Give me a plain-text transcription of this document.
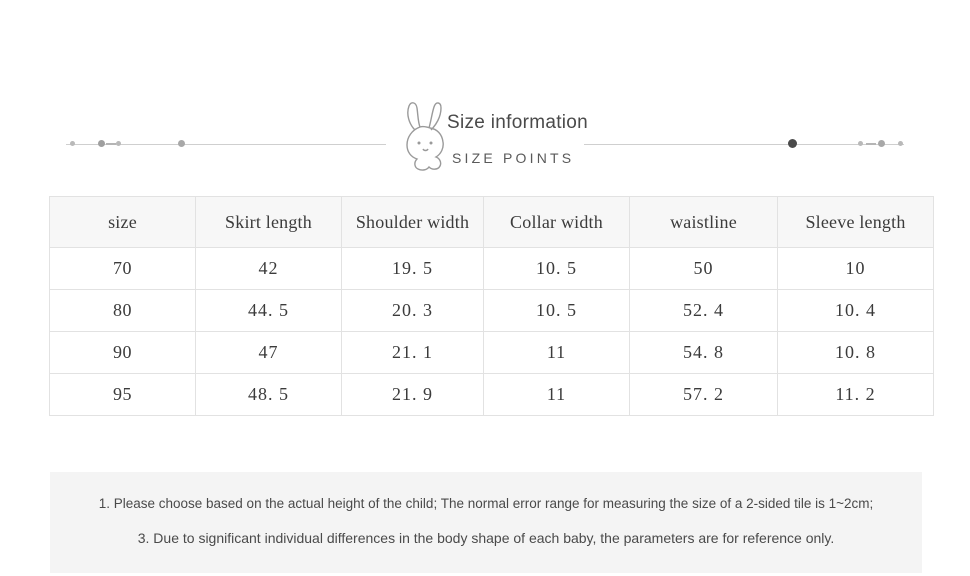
Size information
SIZE POINTS
size	Skirt length	Shoulder width	Collar width	waistline	Sleeve length
70	42	19. 5	10. 5	50	10
80	44. 5	20. 3	10. 5	52. 4	10. 4
90	47	21. 1	11	54. 8	10. 8
95	48. 5	21. 9	11	57. 2	11. 2
1. Please choose based on the actual height of the child; The normal error range for measuring the size of a 2-sided tile is 1~2cm;
3. Due to significant individual differences in the body shape of each baby, the parameters are for reference only.
